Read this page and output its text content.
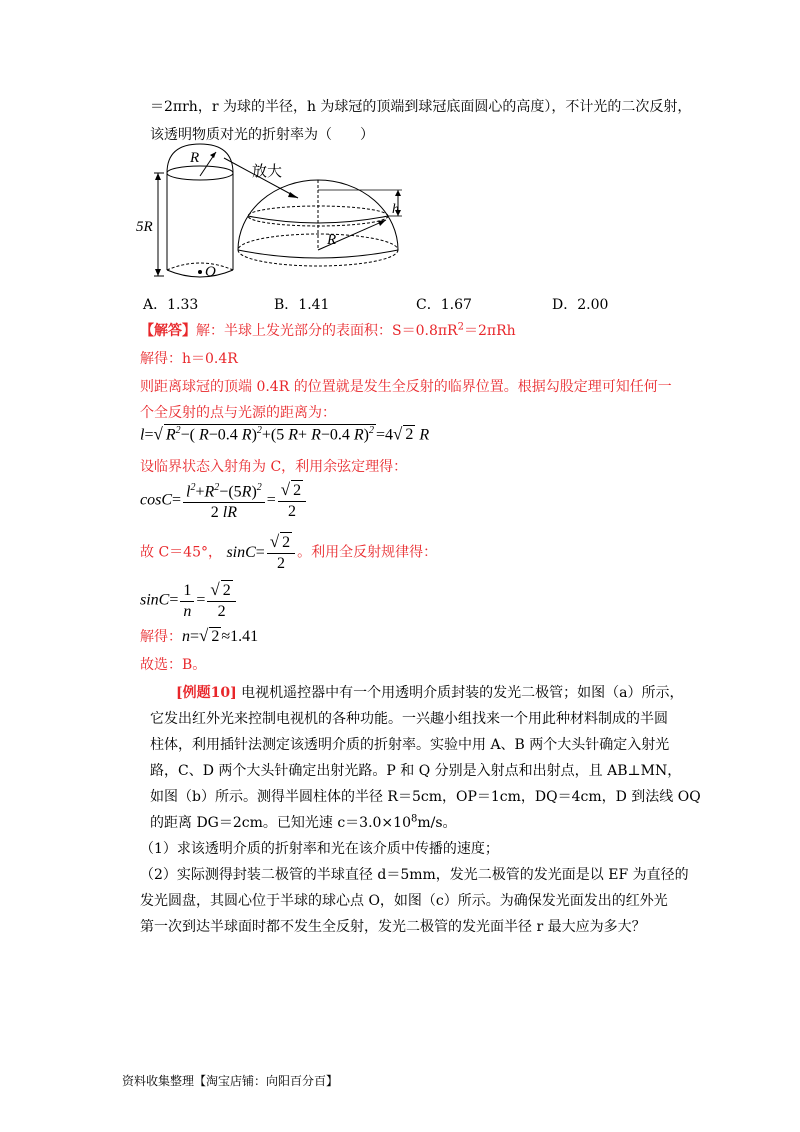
＝2πrh，r 为球的半径，h 为球冠的顶端到球冠底面圆心的高度），不计光的二次反射，
该透明物质对光的折射率为（　　）
R
放大
h
5R
R
O
A．1.33	B．1.41	C．1.67	D．2.00
【解答】解：半球上发光部分的表面积：$S=0.8\pi R^2=2\pi Rh$
解得：h＝0.4R
则距离球冠的顶端 0.4R 的位置就是发生全反射的临界位置。根据勾股定理可知任何一
个全反射的点与光源的距离为：
l=√ $R^2-$( R−0.4 R)$^2$+(5 R+ R−0.4 R)$^2$ =4√ 2 R
设临界状态入射角为 C，利用余弦定理得：
$\cos C= \frac{l^2+R^2-(5R)^2}{2 lR} = \frac{√ 2}{2}$
故 C＝45°， $\sin C= \frac{√ 2}{2}$ 。利用全反射规律得：
$\sin C= \frac{1}{n} = \frac{√ 2}{2}$
解得：n=√ 2 ≈1.41
故选：B。
[例题10] 电视机遥控器中有一个用透明介质封装的发光二极管；如图（a）所示，
它发出红外光来控制电视机的各种功能。一兴趣小组找来一个用此种材料制成的半圆
柱体，利用插针法测定该透明介质的折射率。实验中用 A、B 两个大头针确定入射光
路，C、D 两个大头针确定出射光路。P 和 Q 分别是入射点和出射点，且 AB⊥MN，
如图（b）所示。测得半圆柱体的半径 R＝5cm，OP＝1cm，DQ＝4cm，D 到法线 OQ
的距离 DG＝2cm。已知光速 $c=3.0\times 10^8m/s$。
（1）求该透明介质的折射率和光在该介质中传播的速度；
（2）实际测得封装二极管的半球直径 d＝5mm，发光二极管的发光面是以 EF 为直径的
发光圆盘，其圆心位于半球的球心点 O，如图（c）所示。为确保发光面发出的红外光
第一次到达半球面时都不发生全反射，发光二极管的发光面半径 r 最大应为多大？
资料收集整理【淘宝店铺：向阳百分百】
